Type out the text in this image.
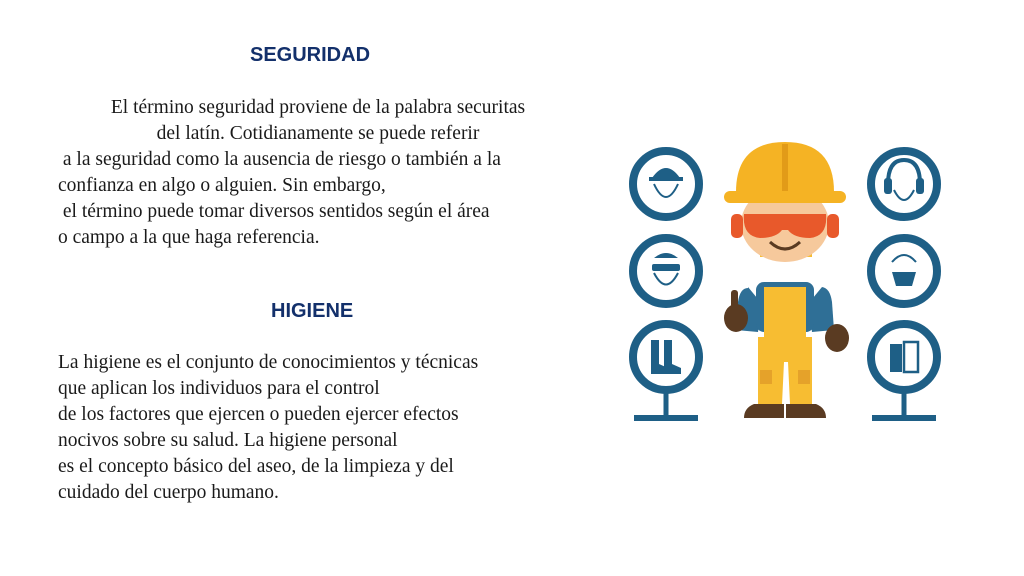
SEGURIDAD
El término seguridad proviene de la palabra securitas
del latín. Cotidianamente se puede referir
a la seguridad como la ausencia de riesgo o también a la
confianza en algo o alguien. Sin embargo,
el término puede tomar diversos sentidos según el área
o campo a la que haga referencia.
HIGIENE
La higiene es el conjunto de conocimientos y técnicas
que aplican los individuos para el control
de los factores que ejercen o pueden ejercer efectos
nocivos sobre su salud. La higiene personal
es el concepto básico del aseo, de la limpieza y del
cuidado del cuerpo humano.
